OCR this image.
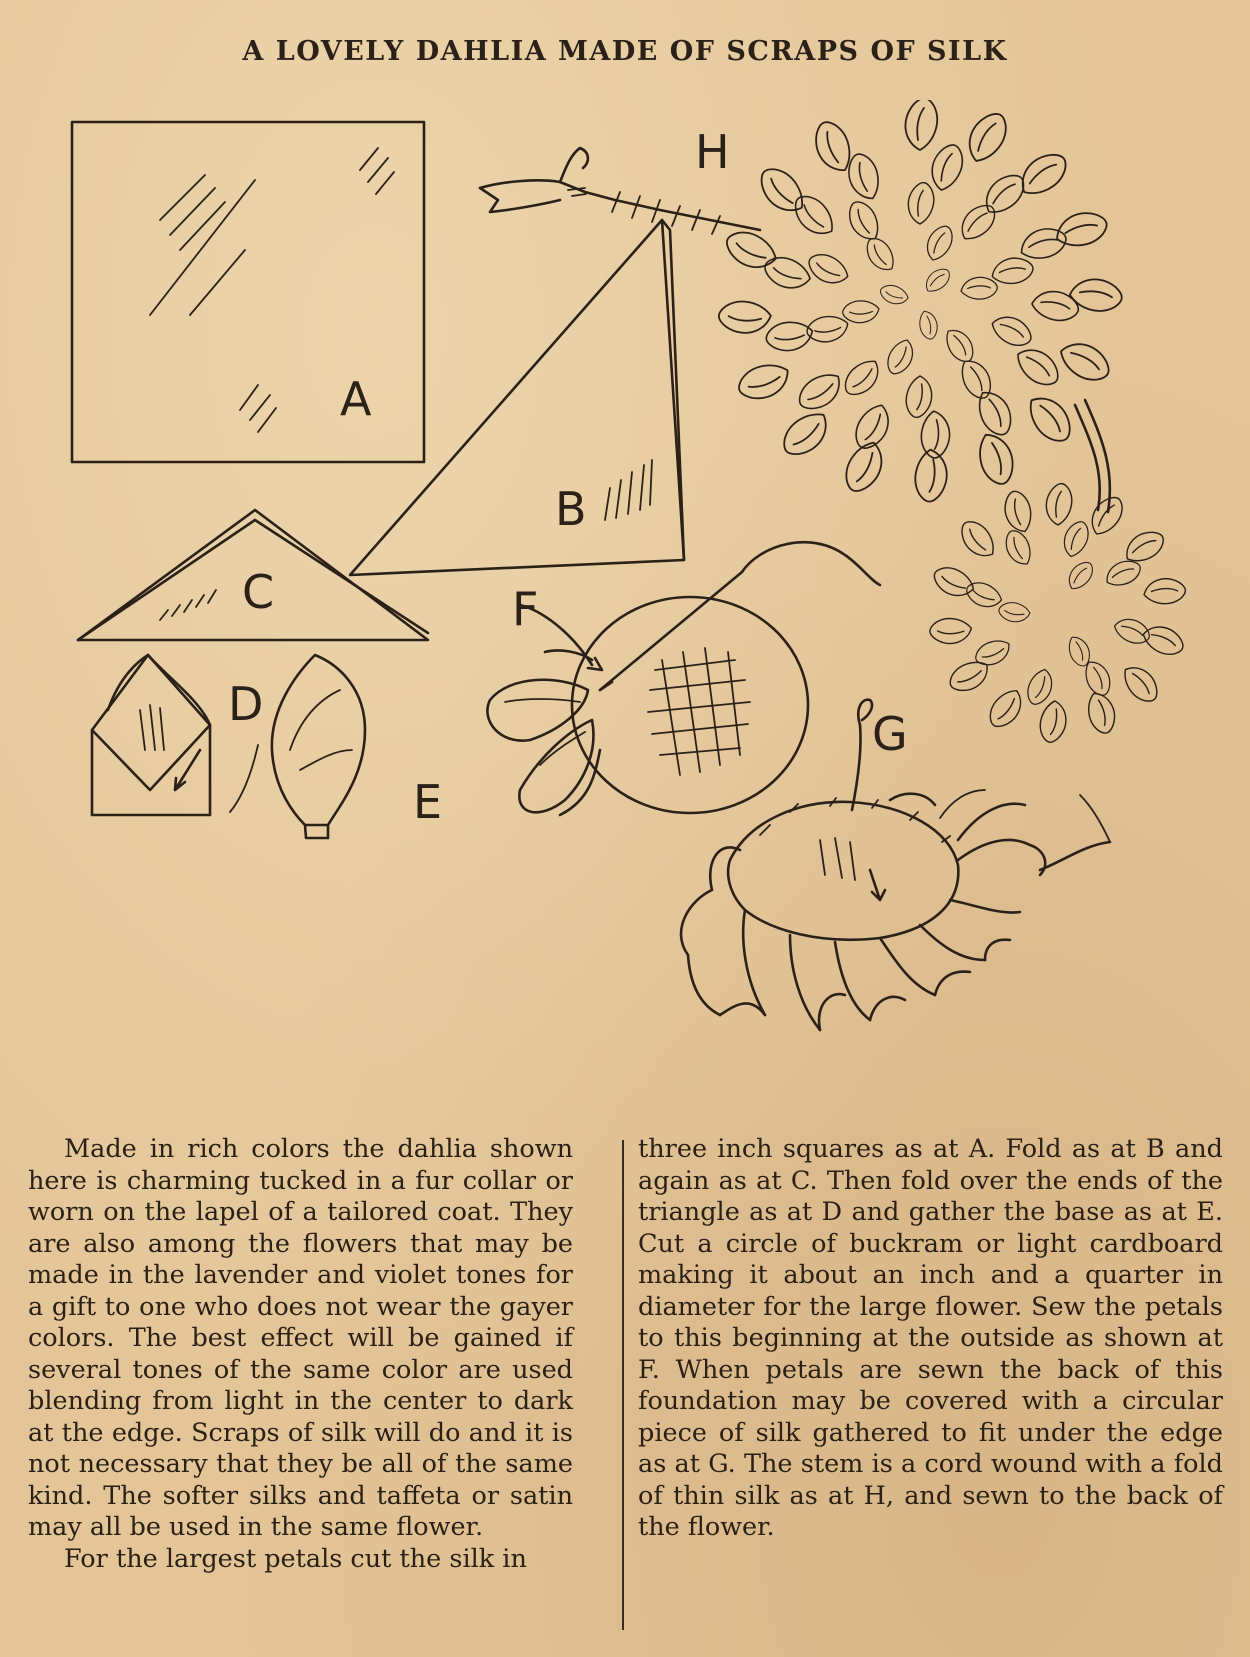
A LOVELY DAHLIA MADE OF SCRAPS OF SILK
A
B
C
D
E
F
H
G

Made in rich colors the dahlia shown here is charming tucked in a fur collar or worn on the lapel of a tailored coat. They are also among the flowers that may be made in the lavender and violet tones for a gift to one who does not wear the gayer colors. The best effect will be gained if several tones of the same color are used blending from light in the center to dark at the edge. Scraps of silk will do and it is not necessary that they be all of the same kind. The softer silks and taffeta or satin may all be used in the same flower.

For the largest petals cut the silk in

three inch squares as at A. Fold as at B and again as at C. Then fold over the ends of the triangle as at D and gather the base as at E. Cut a circle of buckram or light cardboard making it about an inch and a quarter in diameter for the large flower. Sew the petals to this beginning at the outside as shown at F. When petals are sewn the back of this foundation may be covered with a circular piece of silk gathered to fit under the edge as at G. The stem is a cord wound with a fold of thin silk as at H, and sewn to the back of the flower.
